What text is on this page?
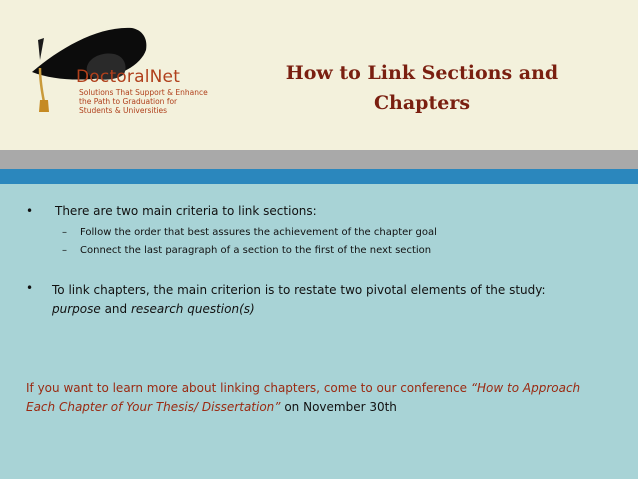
DoctoralNet
Solutions That Support & Enhance
the Path to Graduation for
Students & Universities
How to Link Sections and
Chapters
• There are two main criteria to link sections:
– Follow the order that best assures the achievement of the chapter goal
– Connect the last paragraph of a section to the first of the next section
• To link chapters, the main criterion is to restate two pivotal elements of the study:
purpose and research question(s)
If you want to learn more about linking chapters, come to our conference “How to Approach Each Chapter of Your Thesis/ Dissertation” on November 30th
